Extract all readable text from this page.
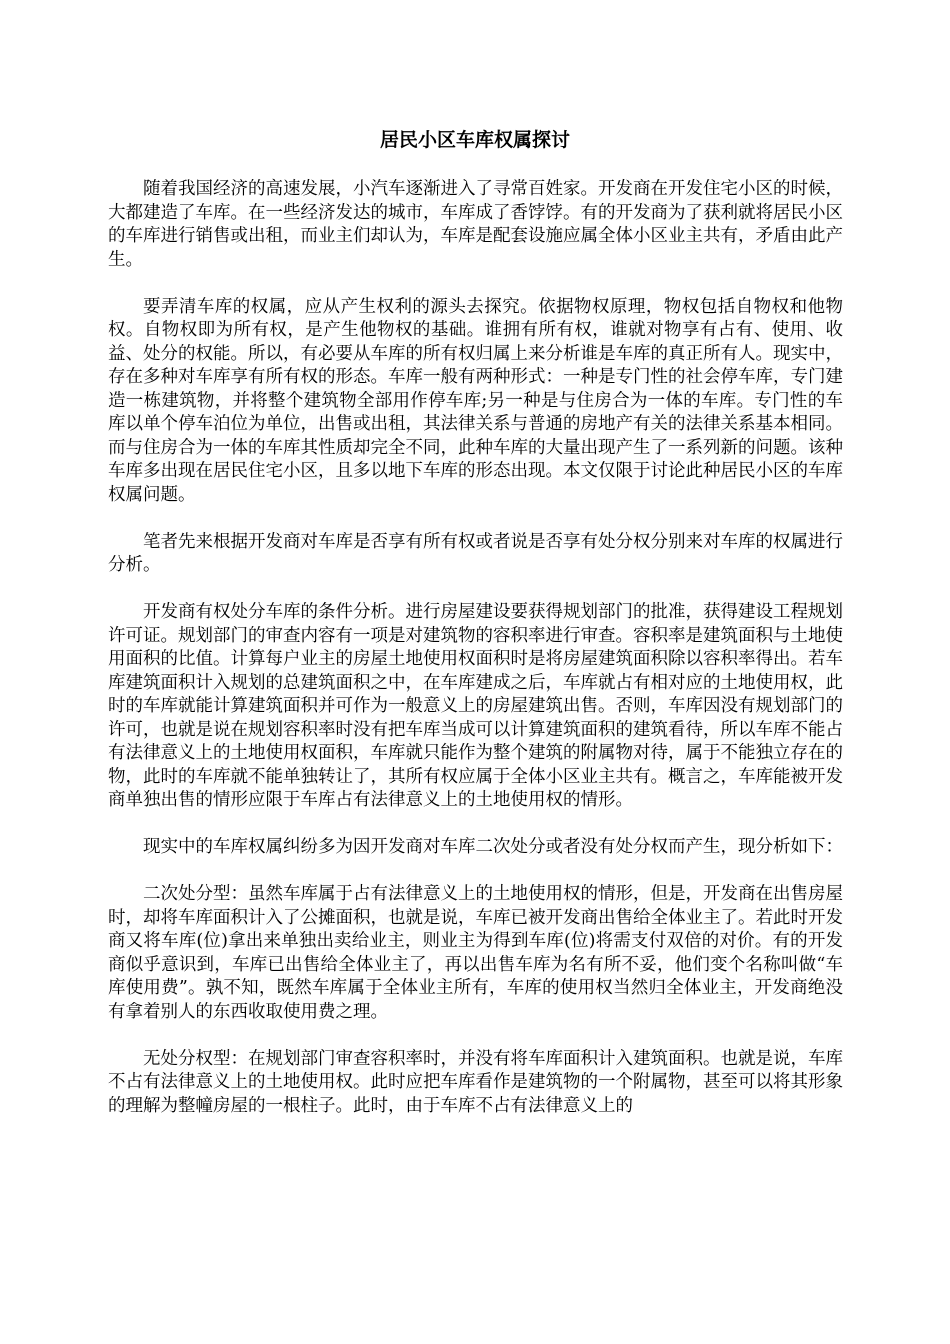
居民小区车库权属探讨

随着我国经济的高速发展，小汽车逐渐进入了寻常百姓家。开发商在开发住宅小区的时候，大都建造了车库。在一些经济发达的城市，车库成了香饽饽。有的开发商为了获利就将居民小区的车库进行销售或出租，而业主们却认为，车库是配套设施应属全体小区业主共有，矛盾由此产生。

要弄清车库的权属，应从产生权利的源头去探究。依据物权原理，物权包括自物权和他物权。自物权即为所有权，是产生他物权的基础。谁拥有所有权，谁就对物享有占有、使用、收益、处分的权能。所以，有必要从车库的所有权归属上来分析谁是车库的真正所有人。现实中，存在多种对车库享有所有权的形态。车库一般有两种形式：一种是专门性的社会停车库，专门建造一栋建筑物，并将整个建筑物全部用作停车库;另一种是与住房合为一体的车库。专门性的车库以单个停车泊位为单位，出售或出租，其法律关系与普通的房地产有关的法律关系基本相同。而与住房合为一体的车库其性质却完全不同，此种车库的大量出现产生了一系列新的问题。该种车库多出现在居民住宅小区，且多以地下车库的形态出现。本文仅限于讨论此种居民小区的车库权属问题。

笔者先来根据开发商对车库是否享有所有权或者说是否享有处分权分别来对车库的权属进行分析。

开发商有权处分车库的条件分析。进行房屋建设要获得规划部门的批准，获得建设工程规划许可证。规划部门的审查内容有一项是对建筑物的容积率进行审查。容积率是建筑面积与土地使用面积的比值。计算每户业主的房屋土地使用权面积时是将房屋建筑面积除以容积率得出。若车库建筑面积计入规划的总建筑面积之中，在车库建成之后，车库就占有相对应的土地使用权，此时的车库就能计算建筑面积并可作为一般意义上的房屋建筑出售。否则，车库因没有规划部门的许可，也就是说在规划容积率时没有把车库当成可以计算建筑面积的建筑看待，所以车库不能占有法律意义上的土地使用权面积，车库就只能作为整个建筑的附属物对待，属于不能独立存在的物，此时的车库就不能单独转让了，其所有权应属于全体小区业主共有。概言之，车库能被开发商单独出售的情形应限于车库占有法律意义上的土地使用权的情形。

现实中的车库权属纠纷多为因开发商对车库二次处分或者没有处分权而产生，现分析如下：

二次处分型：虽然车库属于占有法律意义上的土地使用权的情形，但是，开发商在出售房屋时，却将车库面积计入了公摊面积，也就是说，车库已被开发商出售给全体业主了。若此时开发商又将车库(位)拿出来单独出卖给业主，则业主为得到车库(位)将需支付双倍的对价。有的开发商似乎意识到，车库已出售给全体业主了，再以出售车库为名有所不妥，他们变个名称叫做“车库使用费”。孰不知，既然车库属于全体业主所有，车库的使用权当然归全体业主，开发商绝没有拿着别人的东西收取使用费之理。

无处分权型：在规划部门审查容积率时，并没有将车库面积计入建筑面积。也就是说，车库不占有法律意义上的土地使用权。此时应把车库看作是建筑物的一个附属物，甚至可以将其形象的理解为整幢房屋的一根柱子。此时，由于车库不占有法律意义上的
